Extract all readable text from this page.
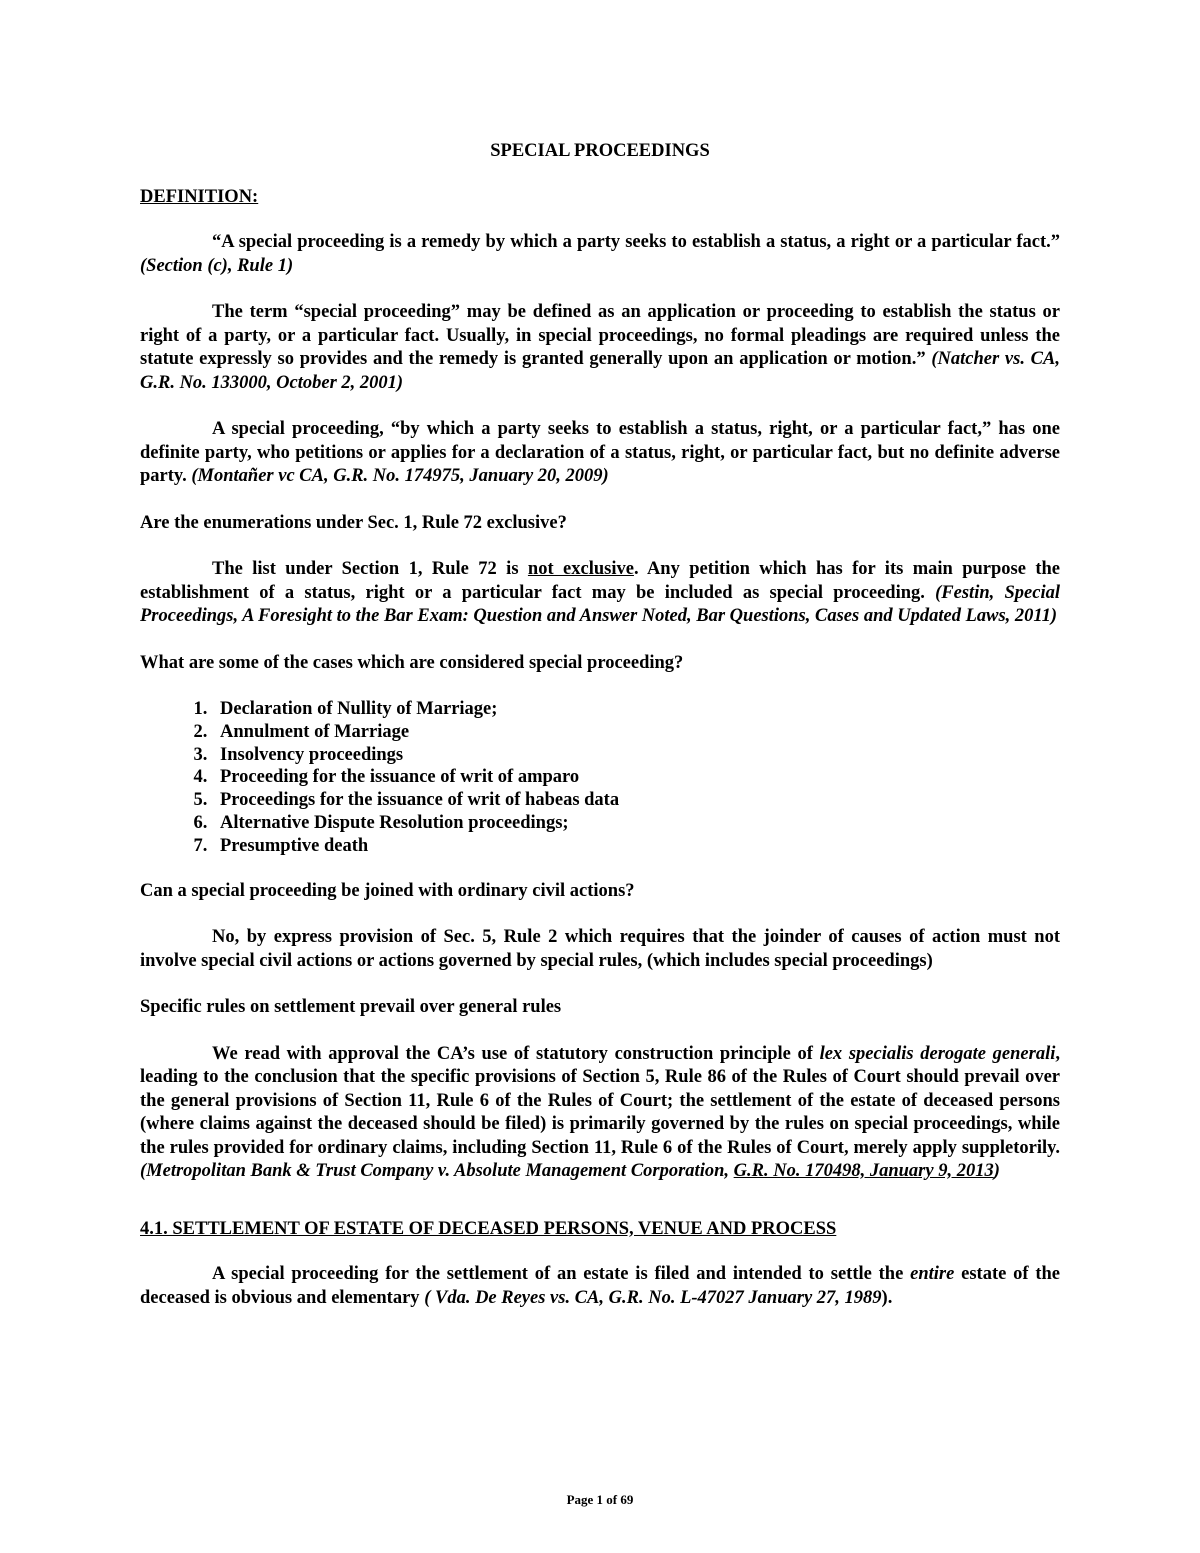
SPECIAL PROCEEDINGS
DEFINITION:

“A special proceeding is a remedy by which a party seeks to establish a status, a right or a particular fact.” (Section (c), Rule 1)

The term “special proceeding” may be defined as an application or proceeding to establish the status or right of a party, or a particular fact. Usually, in special proceedings, no formal pleadings are required unless the statute expressly so provides and the remedy is granted generally upon an application or motion.” (Natcher vs. CA, G.R. No. 133000, October 2, 2001)

A special proceeding, “by which a party seeks to establish a status, right, or a particular fact,” has one definite party, who petitions or applies for a declaration of a status, right, or particular fact, but no definite adverse party. (Montañer vc CA, G.R. No. 174975, January 20, 2009)

Are the enumerations under Sec. 1, Rule 72 exclusive?

The list under Section 1, Rule 72 is not exclusive. Any petition which has for its main purpose the establishment of a status, right or a particular fact may be included as special proceeding. (Festin, Special Proceedings, A Foresight to the Bar Exam: Question and Answer Noted, Bar Questions, Cases and Updated Laws, 2011)

What are some of the cases which are considered special proceeding?
1. Declaration of Nullity of Marriage;
2. Annulment of Marriage
3. Insolvency proceedings
4. Proceeding for the issuance of writ of amparo
5. Proceedings for the issuance of writ of habeas data
6. Alternative Dispute Resolution proceedings;
7. Presumptive death
Can a special proceeding be joined with ordinary civil actions?

No, by express provision of Sec. 5, Rule 2 which requires that the joinder of causes of action must not involve special civil actions or actions governed by special rules, (which includes special proceedings)

Specific rules on settlement prevail over general rules

We read with approval the CA’s use of statutory construction principle of lex specialis derogate generali, leading to the conclusion that the specific provisions of Section 5, Rule 86 of the Rules of Court should prevail over the general provisions of Section 11, Rule 6 of the Rules of Court; the settlement of the estate of deceased persons (where claims against the deceased should be filed) is primarily governed by the rules on special proceedings, while the rules provided for ordinary claims, including Section 11, Rule 6 of the Rules of Court, merely apply suppletorily. (Metropolitan Bank & Trust Company v. Absolute Management Corporation, G.R. No. 170498, January 9, 2013)

4.1. SETTLEMENT OF ESTATE OF DECEASED PERSONS, VENUE AND PROCESS

A special proceeding for the settlement of an estate is filed and intended to settle the entire estate of the deceased is obvious and elementary ( Vda. De Reyes vs. CA, G.R. No. L-47027 January 27, 1989).

Page 1 of 69
